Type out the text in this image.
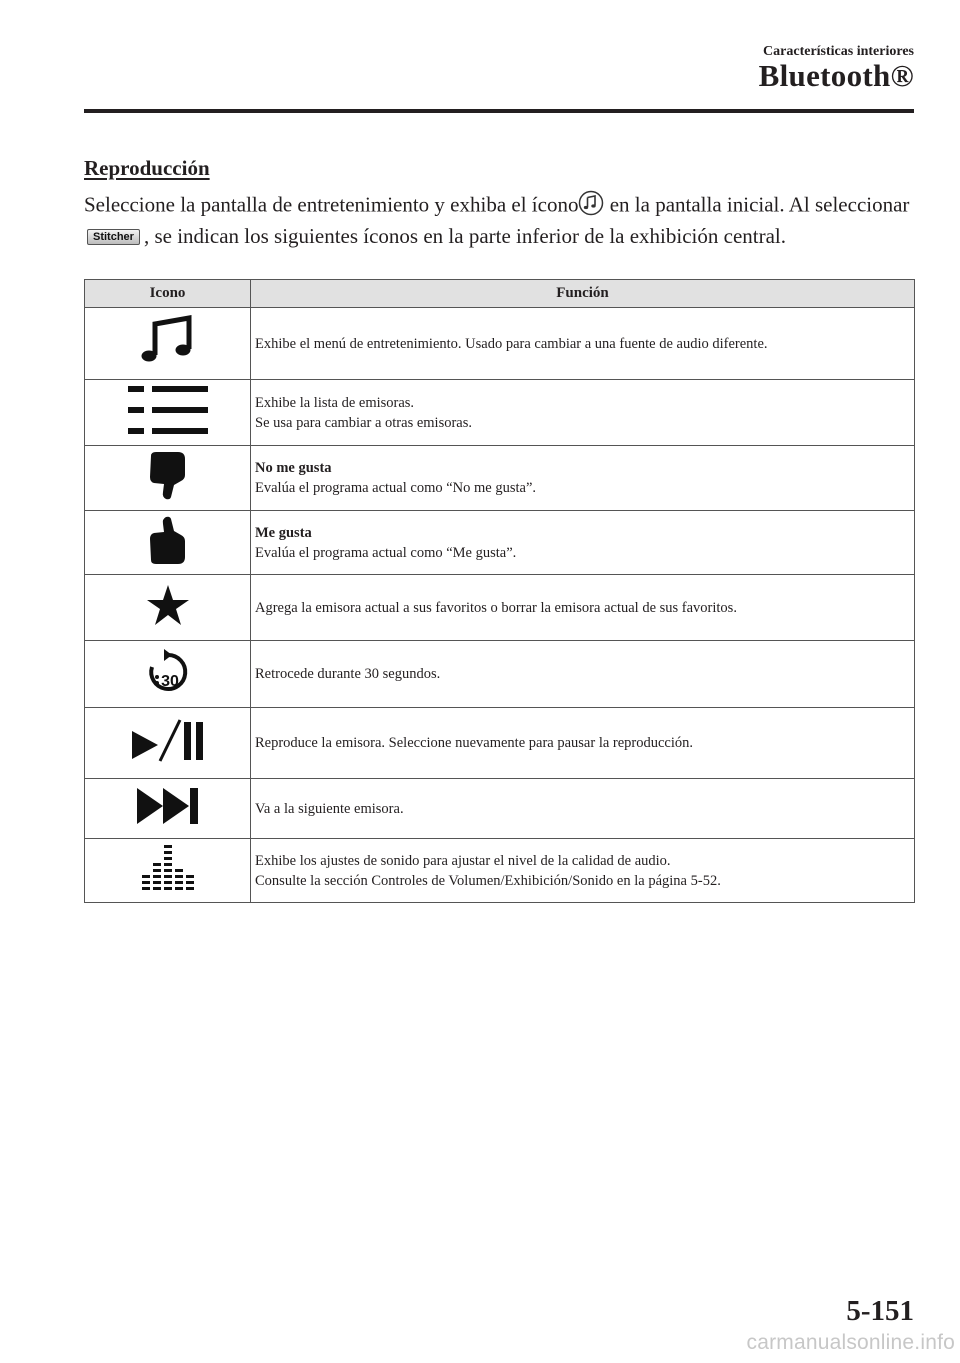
Características interiores
Bluetooth®
Reproducción
Seleccione la pantalla de entretenimiento y exhiba el ícono en la pantalla inicial. Al seleccionarStitcher , se indican los siguientes íconos en la parte inferior de la exhibición central.
Icono	Función

Exhibe el menú de entretenimiento. Usado para cambiar a una fuente de audio diferente.

Exhibe la lista de emisoras.
Se usa para cambiar a otras emisoras.

No me gusta
Evalúa el programa actual como “No me gusta”.

Me gusta
Evalúa el programa actual como “Me gusta”.

Agrega la emisora actual a sus favoritos o borrar la emisora actual de sus favoritos.

30	Retrocede durante 30 segundos.

Reproduce la emisora. Seleccione nuevamente para pausar la reproducción.

Va a la siguiente emisora.

Exhibe los ajustes de sonido para ajustar el nivel de la calidad de audio.
Consulte la sección Controles de Volumen/Exhibición/Sonido en la página 5-52.
5-151
carmanualsonline.info
